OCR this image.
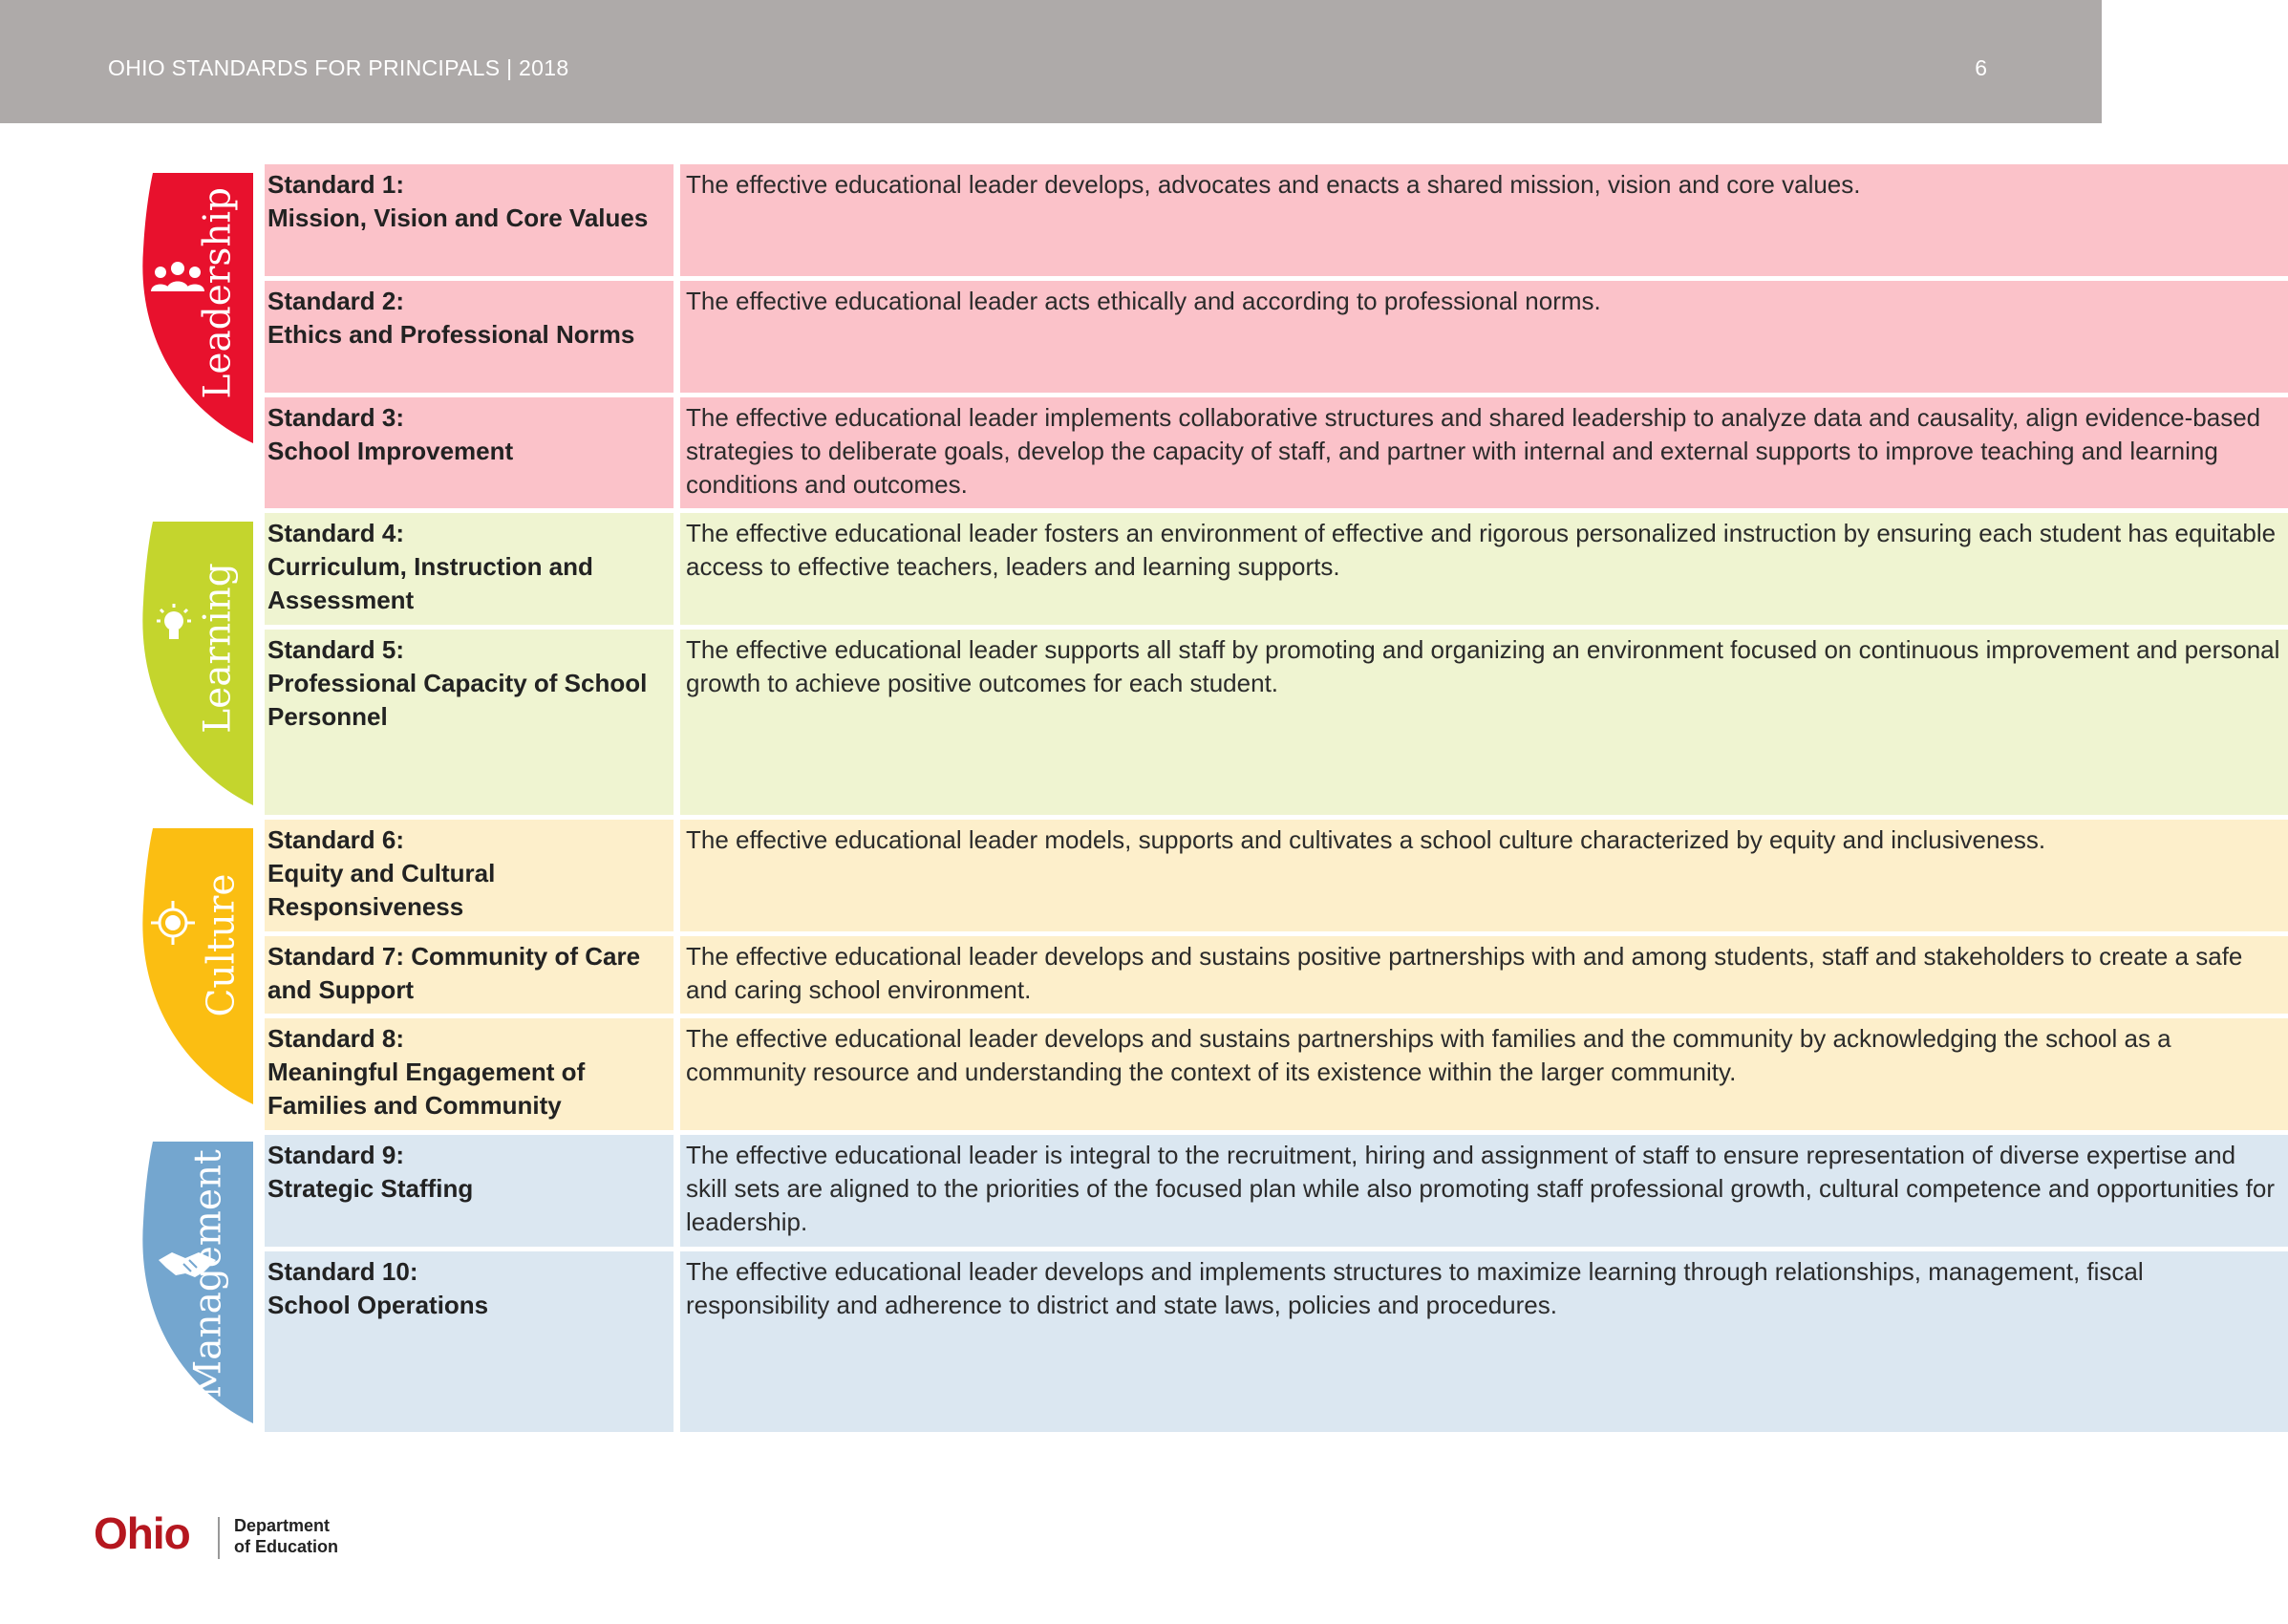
OHIO STANDARDS FOR PRINCIPALS | 2018	6
Leadership
Learning
Culture
Management
Standard 1:
Mission, Vision and Core Values
The effective educational leader develops, advocates and enacts a shared mission, vision and core values.
Standard 2:
Ethics and Professional Norms
The effective educational leader acts ethically and according to professional norms.
Standard 3:
School Improvement
The effective educational leader implements collaborative structures and shared leadership to analyze data and causality, align evidence-based strategies to deliberate goals, develop the capacity of staff, and partner with internal and external supports to improve teaching and learning conditions and outcomes.
Standard 4:
Curriculum, Instruction and Assessment
The effective educational leader fosters an environment of effective and rigorous personalized instruction by ensuring each student has equitable access to effective teachers, leaders and learning supports.
Standard 5:
Professional Capacity of School Personnel
The effective educational leader supports all staff by promoting and organizing an environment focused on continuous improvement and personal growth to achieve positive outcomes for each student.
Standard 6:
Equity and Cultural Responsiveness
The effective educational leader models, supports and cultivates a school culture characterized by equity and inclusiveness.
Standard 7: Community of Care and Support
The effective educational leader develops and sustains positive partnerships with and among students, staff and stakeholders to create a safe and caring school environment.
Standard 8:
Meaningful Engagement of Families and Community
The effective educational leader develops and sustains partnerships with families and the community by acknowledging the school as a community resource and understanding the context of its existence within the larger community.
Standard 9:
Strategic Staffing
The effective educational leader is integral to the recruitment, hiring and assignment of staff to ensure representation of diverse expertise and skill sets are aligned to the priorities of the focused plan while also promoting staff professional growth, cultural competence and opportunities for leadership.
Standard 10:
School Operations
The effective educational leader develops and implements structures to maximize learning through relationships, management, fiscal responsibility and adherence to district and state laws, policies and procedures.
Ohio	Department
of Education
